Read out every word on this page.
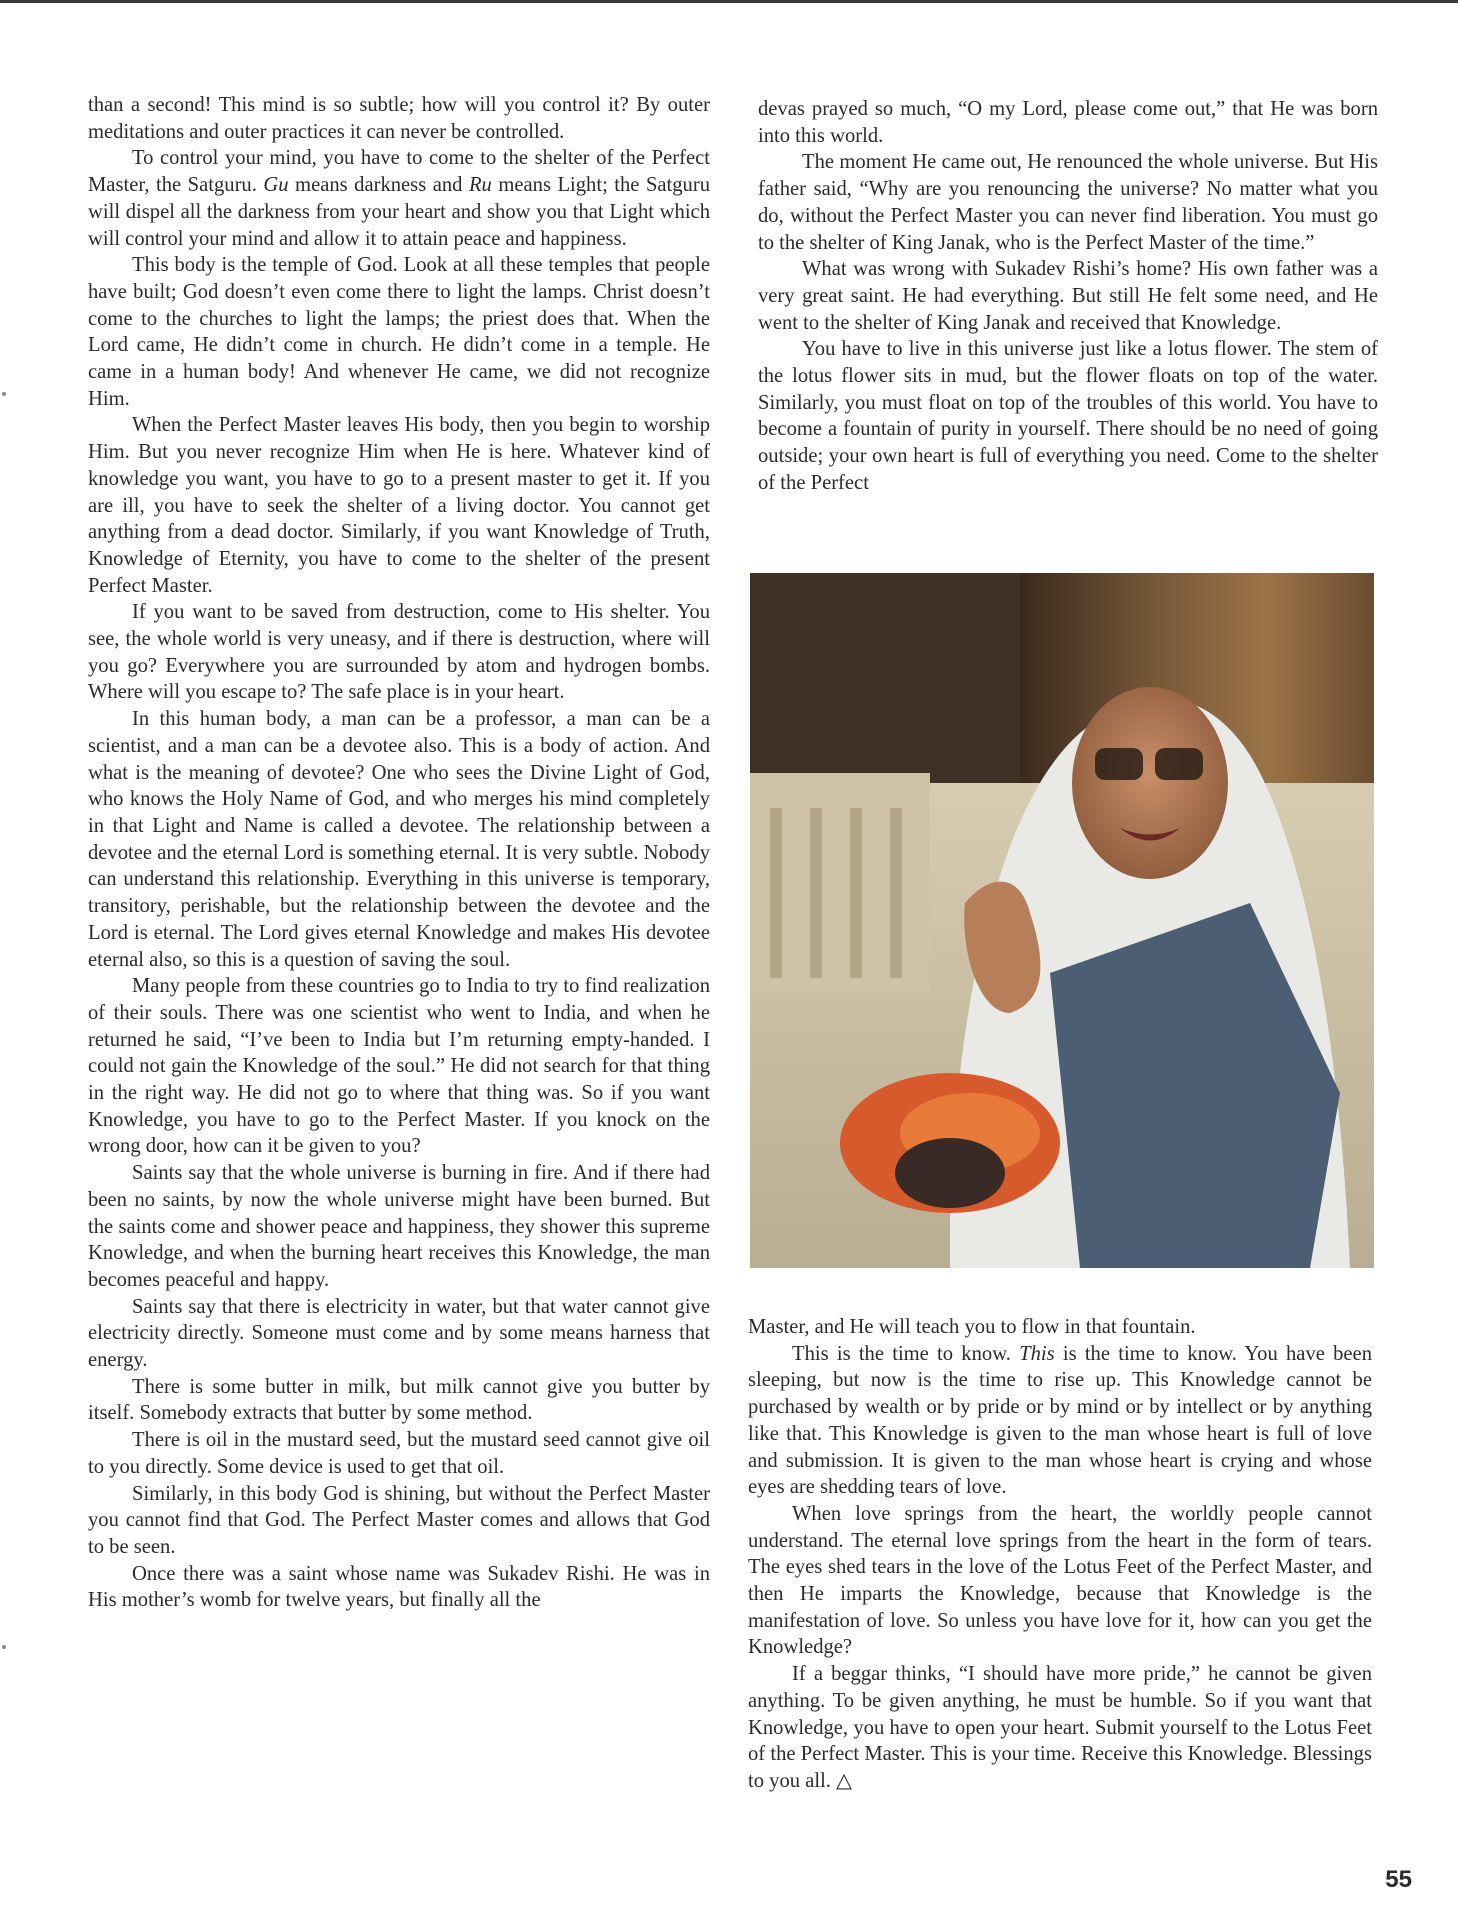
than a second! This mind is so subtle; how will you control it? By outer meditations and outer practices it can never be controlled.

To control your mind, you have to come to the shelter of the Perfect Master, the Satguru. Gu means darkness and Ru means Light; the Satguru will dispel all the darkness from your heart and show you that Light which will control your mind and allow it to attain peace and happiness.

This body is the temple of God. Look at all these temples that people have built; God doesn’t even come there to light the lamps. Christ doesn’t come to the churches to light the lamps; the priest does that. When the Lord came, He didn’t come in church. He didn’t come in a temple. He came in a human body! And whenever He came, we did not recognize Him.

When the Perfect Master leaves His body, then you begin to worship Him. But you never recognize Him when He is here. Whatever kind of knowledge you want, you have to go to a present master to get it. If you are ill, you have to seek the shelter of a living doctor. You cannot get anything from a dead doctor. Similarly, if you want Knowledge of Truth, Knowledge of Eternity, you have to come to the shelter of the present Perfect Master.

If you want to be saved from destruction, come to His shelter. You see, the whole world is very uneasy, and if there is destruction, where will you go? Everywhere you are surrounded by atom and hydrogen bombs. Where will you escape to? The safe place is in your heart.

In this human body, a man can be a professor, a man can be a scientist, and a man can be a devotee also. This is a body of action. And what is the meaning of devotee? One who sees the Divine Light of God, who knows the Holy Name of God, and who merges his mind completely in that Light and Name is called a devotee. The relationship between a devotee and the eternal Lord is something eternal. It is very subtle. Nobody can understand this relationship. Everything in this universe is temporary, transitory, perishable, but the relationship between the devotee and the Lord is eternal. The Lord gives eternal Knowledge and makes His devotee eternal also, so this is a question of saving the soul.

Many people from these countries go to India to try to find realization of their souls. There was one scientist who went to India, and when he returned he said, “I’ve been to India but I’m returning empty-handed. I could not gain the Knowledge of the soul.” He did not search for that thing in the right way. He did not go to where that thing was. So if you want Knowledge, you have to go to the Perfect Master. If you knock on the wrong door, how can it be given to you?

Saints say that the whole universe is burning in fire. And if there had been no saints, by now the whole universe might have been burned. But the saints come and shower peace and happiness, they shower this supreme Knowledge, and when the burning heart receives this Knowledge, the man becomes peaceful and happy.

Saints say that there is electricity in water, but that water cannot give electricity directly. Someone must come and by some means harness that energy.

There is some butter in milk, but milk cannot give you butter by itself. Somebody extracts that butter by some method.

There is oil in the mustard seed, but the mustard seed cannot give oil to you directly. Some device is used to get that oil.

Similarly, in this body God is shining, but without the Perfect Master you cannot find that God. The Perfect Master comes and allows that God to be seen.

Once there was a saint whose name was Sukadev Rishi. He was in His mother’s womb for twelve years, but finally all the

devas prayed so much, “O my Lord, please come out,” that He was born into this world.

The moment He came out, He renounced the whole universe. But His father said, “Why are you renouncing the universe? No matter what you do, without the Perfect Master you can never find liberation. You must go to the shelter of King Janak, who is the Perfect Master of the time.”

What was wrong with Sukadev Rishi’s home? His own father was a very great saint. He had everything. But still He felt some need, and He went to the shelter of King Janak and received that Knowledge.

You have to live in this universe just like a lotus flower. The stem of the lotus flower sits in mud, but the flower floats on top of the water. Similarly, you must float on top of the troubles of this world. You have to become a fountain of purity in yourself. There should be no need of going outside; your own heart is full of everything you need. Come to the shelter of the Perfect

Master, and He will teach you to flow in that fountain.

This is the time to know. This is the time to know. You have been sleeping, but now is the time to rise up. This Knowledge cannot be purchased by wealth or by pride or by mind or by intellect or by anything like that. This Knowledge is given to the man whose heart is full of love and submission. It is given to the man whose heart is crying and whose eyes are shedding tears of love.

When love springs from the heart, the worldly people cannot understand. The eternal love springs from the heart in the form of tears. The eyes shed tears in the love of the Lotus Feet of the Perfect Master, and then He imparts the Knowledge, because that Knowledge is the manifestation of love. So unless you have love for it, how can you get the Knowledge?

If a beggar thinks, “I should have more pride,” he cannot be given anything. To be given anything, he must be humble. So if you want that Knowledge, you have to open your heart. Submit yourself to the Lotus Feet of the Perfect Master. This is your time. Receive this Knowledge. Blessings to you all. △

55
